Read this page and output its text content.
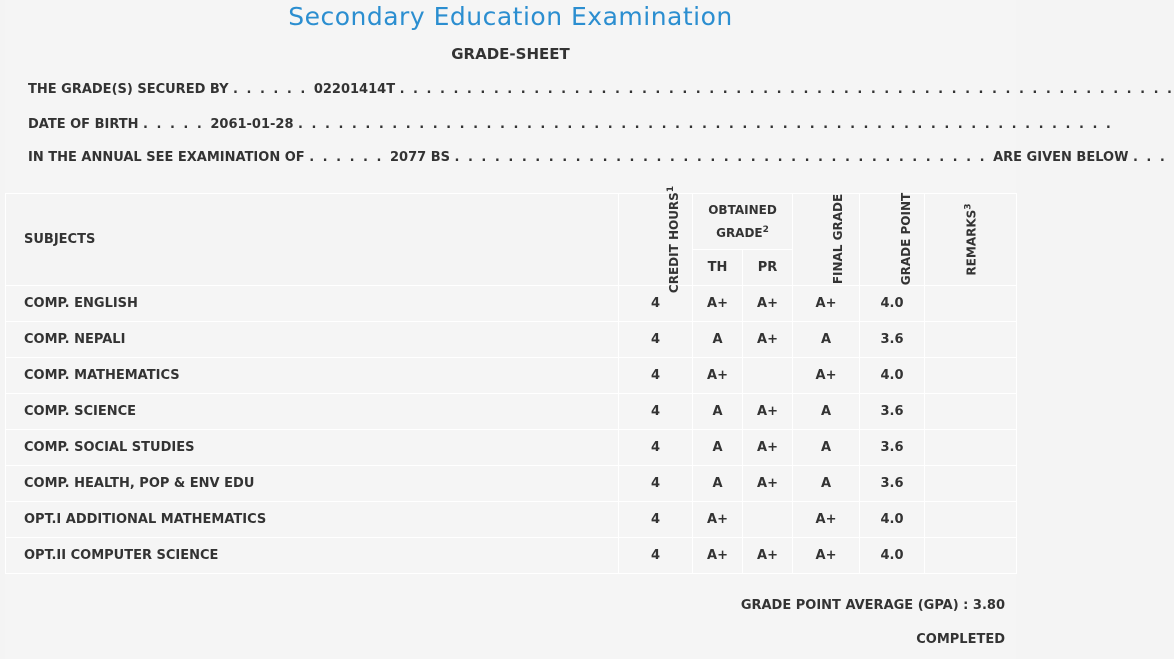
Secondary Education Examination
GRADE-SHEET
THE GRADE(S) SECURED BY . . . . . . 02201414T . . . . . . . . . . . . . . . . . . . . . . . . . . . . . . . . . . . . . . . . . . . . . . . . . . . . . . . . . .
DATE OF BIRTH . . . . . 2061-01-28 . . . . . . . . . . . . . . . . . . . . . . . . . . . . . . . . . . . . . . . . . . . . . . . . . . . . . . . . . . . . .
IN THE ANNUAL SEE EXAMINATION OF . . . . . . 2077 BS . . . . . . . . . . . . . . . . . . . . . . . . . . . . . . . . . . . . . . . . ARE GIVEN BELOW . . .
SUBJECTS	CREDIT HOURS$^1$	OBTAINED GRADE$^2$		FINAL GRADE	GRADE POINT	REMARKS$^3$
		TH	PR			
COMP. ENGLISH	4	A+	A+	A+	4.0	
COMP. NEPALI	4	A	A+	A	3.6	
COMP. MATHEMATICS	4	A+		A+	4.0	
COMP. SCIENCE	4	A	A+	A	3.6	
COMP. SOCIAL STUDIES	4	A	A+	A	3.6	
COMP. HEALTH, POP & ENV EDU	4	A	A+	A	3.6	
OPT.I ADDITIONAL MATHEMATICS	4	A+		A+	4.0	
OPT.II COMPUTER SCIENCE	4	A+	A+	A+	4.0	
GRADE POINT AVERAGE (GPA) : 3.80
COMPLETED
